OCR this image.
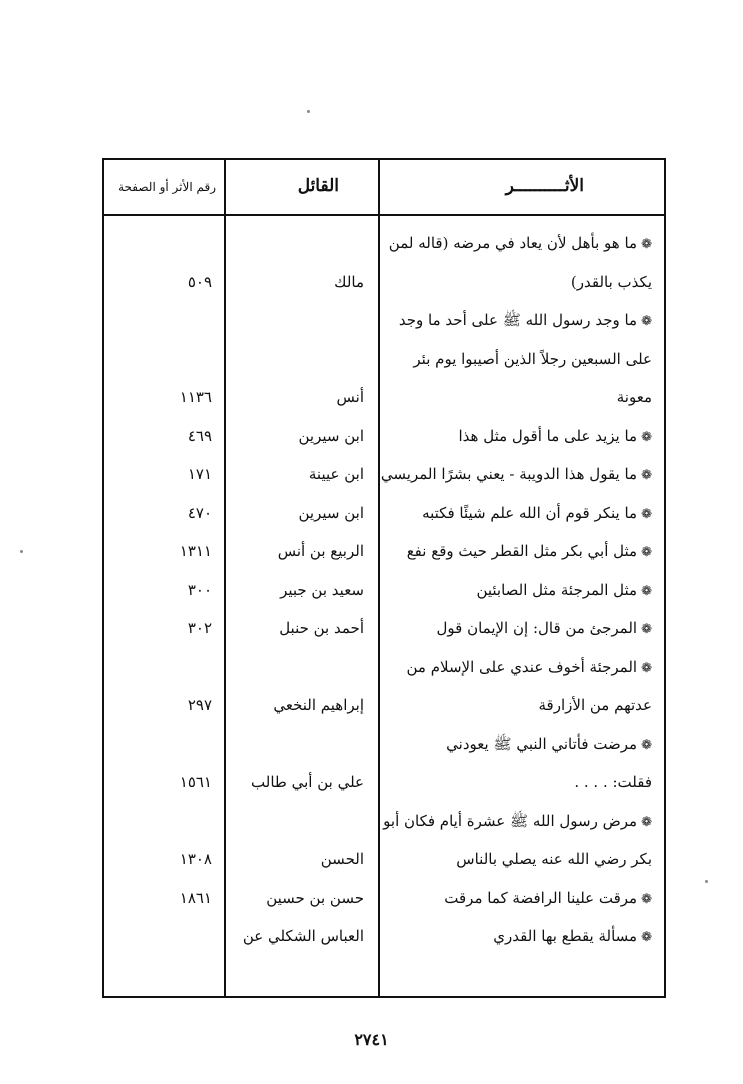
الأثــــــــــر
القائل
رقم الأثر أو الصفحة
❁ما هو بأهل لأن يعاد في مرضه (قاله لمن
يكذب بالقدر)
مالك
٥٠٩
❁ما وجد رسول الله ﷺ على أحد ما وجد
على السبعين رجلاً الذين أصيبوا يوم بئر
معونة
أنس
١١٣٦
❁ما يزيد على ما أقول مثل هذا
ابن سيرين
٤٦٩
❁ما يقول هذا الدويبة - يعني بشرًا المريسي
ابن عيينة
١٧١
❁ما ينكر قوم أن الله علم شيئًا فكتبه
ابن سيرين
٤٧٠
❁مثل أبي بكر مثل القطر حيث وقع نفع
الربيع بن أنس
١٣١١
❁مثل المرجئة مثل الصابئين
سعيد بن جبير
٣٠٠
❁المرجئ من قال: إن الإيمان قول
أحمد بن حنبل
٣٠٢
❁المرجئة أخوف عندي على الإسلام من
عدتهم من الأزارقة
إبراهيم النخعي
٢٩٧
❁مرضت فأتاني النبي ﷺ يعودني
فقلت: . . . .
علي بن أبي طالب
١٥٦١
❁مرض رسول الله ﷺ عشرة أيام فكان أبو
بكر رضي الله عنه يصلي بالناس
الحسن
١٣٠٨
❁مرقت علينا الرافضة كما مرقت
حسن بن حسين
١٨٦١
❁مسألة يقطع بها القدري
العباس الشكلي عن
٢٧٤١
